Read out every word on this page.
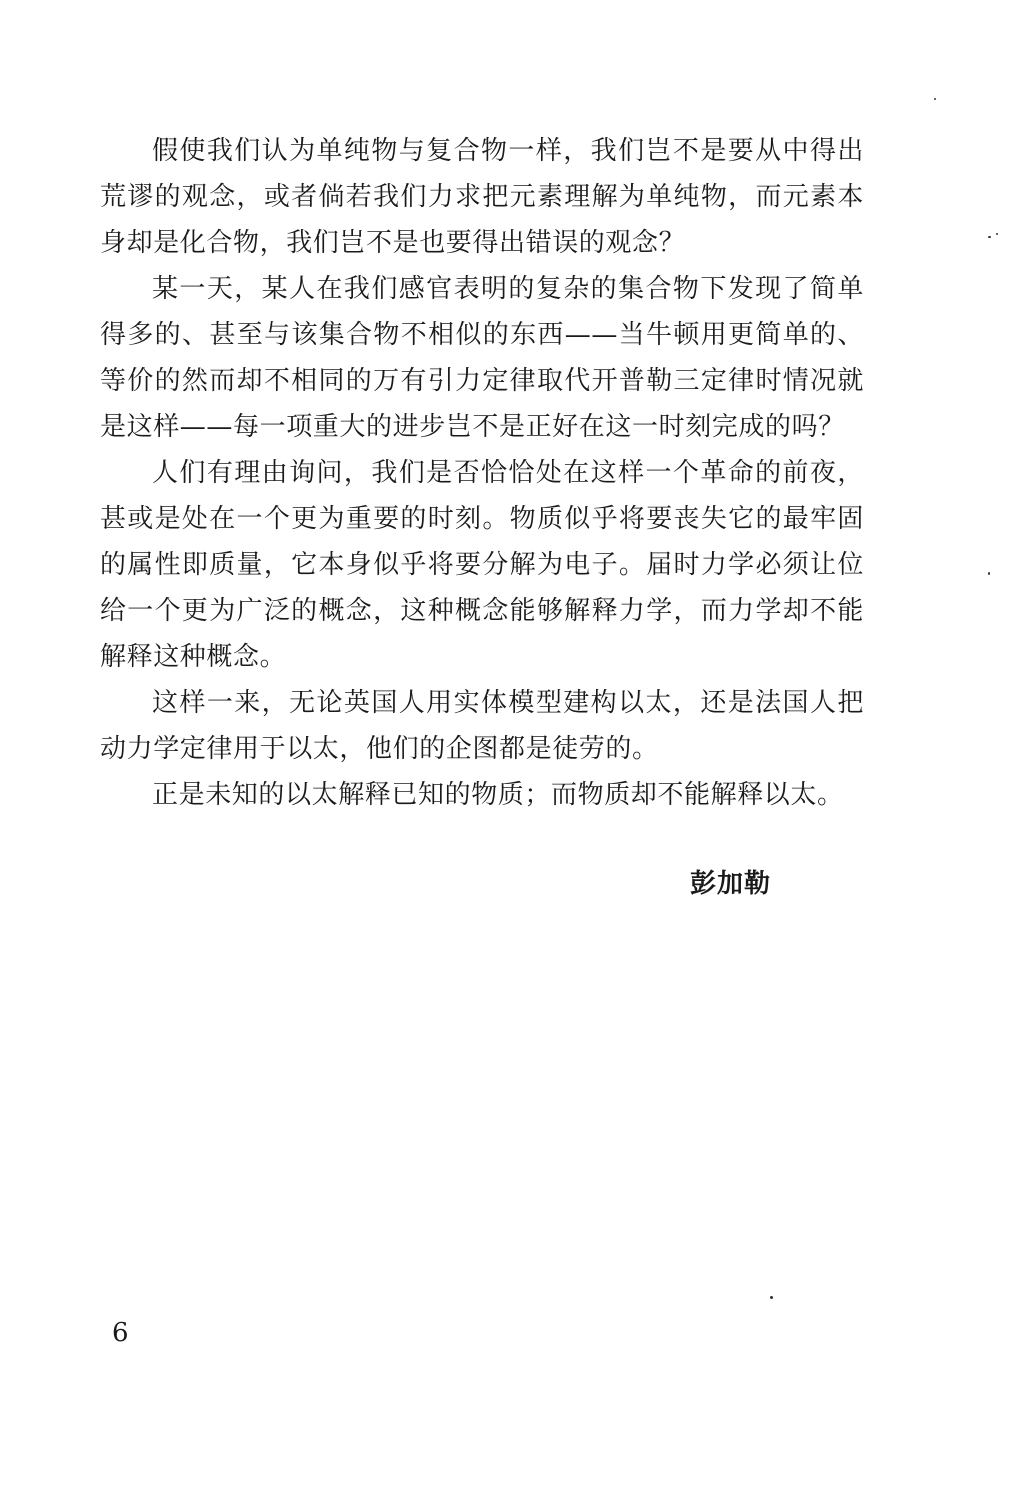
假使我们认为单纯物与复合物一样，我们岂不是要从中得出
荒谬的观念，或者倘若我们力求把元素理解为单纯物，而元素本
身却是化合物，我们岂不是也要得出错误的观念？
某一天，某人在我们感官表明的复杂的集合物下发现了简单
得多的、甚至与该集合物不相似的东西——当牛顿用更简单的、
等价的然而却不相同的万有引力定律取代开普勒三定律时情况就
是这样——每一项重大的进步岂不是正好在这一时刻完成的吗？
人们有理由询问，我们是否恰恰处在这样一个革命的前夜，
甚或是处在一个更为重要的时刻。物质似乎将要丧失它的最牢固
的属性即质量，它本身似乎将要分解为电子。届时力学必须让位
给一个更为广泛的概念，这种概念能够解释力学，而力学却不能
解释这种概念。
这样一来，无论英国人用实体模型建构以太，还是法国人把
动力学定律用于以太，他们的企图都是徒劳的。
正是未知的以太解释已知的物质；而物质却不能解释以太。
彭加勒
6
